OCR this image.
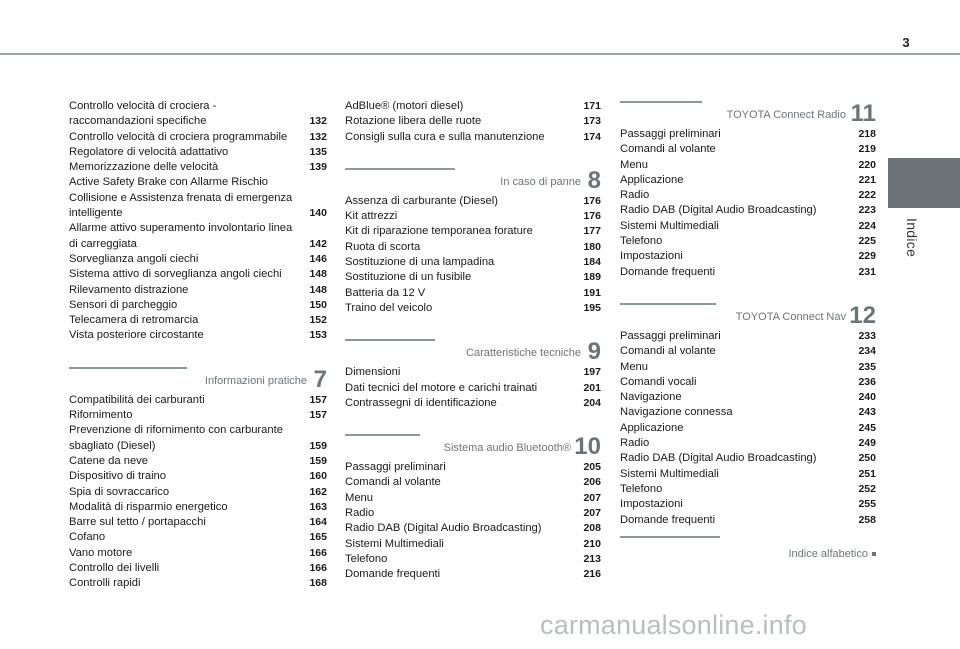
3
Indice
Controllo velocità di crociera - raccomandazioni specifiche	132
Controllo velocità di crociera programmabile	132
Regolatore di velocità adattativo	135
Memorizzazione delle velocità	139
Active Safety Brake con Allarme Rischio Collisione e Assistenza frenata di emergenza intelligente	140
Allarme attivo superamento involontario linea di carreggiata	142
Sorveglianza angoli ciechi	146
Sistema attivo di sorveglianza angoli ciechi	148
Rilevamento distrazione	148
Sensori di parcheggio	150
Telecamera di retromarcia	152
Vista posteriore circostante	153
Informazioni pratiche 7
Compatibilità dei carburanti	157
Rifornimento	157
Prevenzione di rifornimento con carburante sbagliato (Diesel)	159
Catene da neve	159
Dispositivo di traino	160
Spia di sovraccarico	162
Modalità di risparmio energetico	163
Barre sul tetto / portapacchi	164
Cofano	165
Vano motore	166
Controllo dei livelli	166
Controlli rapidi	168
AdBlue® (motori diesel)	171
Rotazione libera delle ruote	173
Consigli sulla cura e sulla manutenzione	174
In caso di panne 8
Assenza di carburante (Diesel)	176
Kit attrezzi	176
Kit di riparazione temporanea forature	177
Ruota di scorta	180
Sostituzione di una lampadina	184
Sostituzione di un fusibile	189
Batteria da 12 V	191
Traino del veicolo	195
Caratteristiche tecniche 9
Dimensioni	197
Dati tecnici del motore e carichi trainati	201
Contrassegni di identificazione	204
Sistema audio Bluetooth® 10
Passaggi preliminari	205
Comandi al volante	206
Menu	207
Radio	207
Radio DAB (Digital Audio Broadcasting)	208
Sistemi Multimediali	210
Telefono	213
Domande frequenti	216
TOYOTA Connect Radio 11
Passaggi preliminari	218
Comandi al volante	219
Menu	220
Applicazione	221
Radio	222
Radio DAB (Digital Audio Broadcasting)	223
Sistemi Multimediali	224
Telefono	225
Impostazioni	229
Domande frequenti	231
TOYOTA Connect Nav 12
Passaggi preliminari	233
Comandi al volante	234
Menu	235
Comandi vocali	236
Navigazione	240
Navigazione connessa	243
Applicazione	245
Radio	249
Radio DAB (Digital Audio Broadcasting)	250
Sistemi Multimediali	251
Telefono	252
Impostazioni	255
Domande frequenti	258
Indice alfabetico
carmanualsonline.info
